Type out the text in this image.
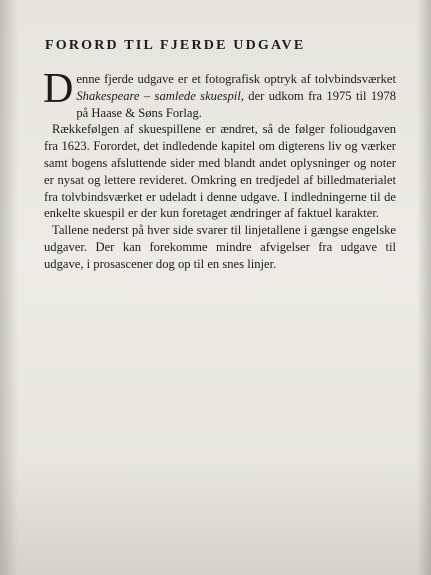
FORORD TIL FJERDE UDGAVE

Denne fjerde udgave er et fotografisk optryk af tolvbindsværket Shakespeare – samlede skuespil, der udkom fra 1975 til 1978 på Haase & Søns Forlag.

Rækkefølgen af skuespillene er ændret, så de følger folioudgaven fra 1623. Forordet, det indledende kapitel om digterens liv og værker samt bogens afsluttende sider med blandt andet oplysninger og noter er nysat og lettere revideret. Omkring en tredjedel af billedmaterialet fra tolvbindsværket er udeladt i denne udgave. I indledningerne til de enkelte skuespil er der kun foretaget ændringer af faktuel karakter.

Tallene nederst på hver side svarer til linjetallene i gængse engelske udgaver. Der kan forekomme mindre afvigelser fra udgave til udgave, i prosascener dog op til en snes linjer.
